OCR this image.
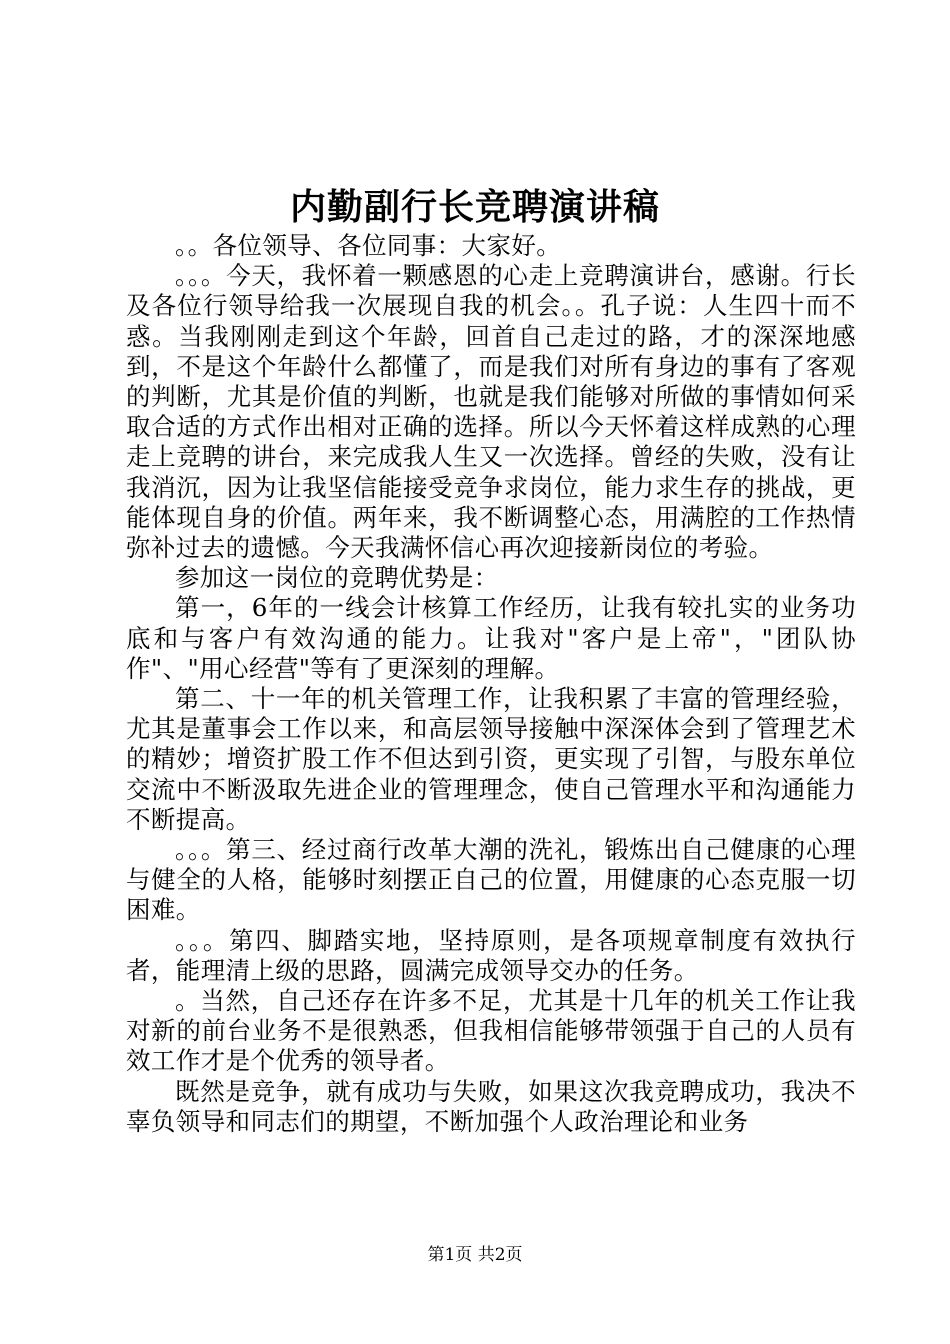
内勤副行长竞聘演讲稿

。。各位领导、各位同事：大家好。

。。。今天，我怀着一颗感恩的心走上竞聘演讲台，感谢。行长及各位行领导给我一次展现自我的机会。。孔子说：人生四十而不惑。当我刚刚走到这个年龄，回首自己走过的路，才的深深地感到，不是这个年龄什么都懂了，而是我们对所有身边的事有了客观的判断，尤其是价值的判断，也就是我们能够对所做的事情如何采取合适的方式作出相对正确的选择。所以今天怀着这样成熟的心理走上竞聘的讲台，来完成我人生又一次选择。曾经的失败，没有让我消沉，因为让我坚信能接受竞争求岗位，能力求生存的挑战，更能体现自身的价值。两年来，我不断调整心态，用满腔的工作热情弥补过去的遗憾。今天我满怀信心再次迎接新岗位的考验。

参加这一岗位的竞聘优势是：

第一，6年的一线会计核算工作经历，让我有较扎实的业务功底和与客户有效沟通的能力。让我对"客户是上帝"，"团队协作"、"用心经营"等有了更深刻的理解。

第二、十一年的机关管理工作，让我积累了丰富的管理经验，尤其是董事会工作以来，和高层领导接触中深深体会到了管理艺术的精妙；增资扩股工作不但达到引资，更实现了引智，与股东单位交流中不断汲取先进企业的管理理念，使自己管理水平和沟通能力不断提高。

。。。第三、经过商行改革大潮的洗礼，锻炼出自己健康的心理与健全的人格，能够时刻摆正自己的位置，用健康的心态克服一切困难。

。。。第四、脚踏实地，坚持原则，是各项规章制度有效执行者，能理清上级的思路，圆满完成领导交办的任务。

。当然，自己还存在许多不足，尤其是十几年的机关工作让我对新的前台业务不是很熟悉，但我相信能够带领强于自己的人员有效工作才是个优秀的领导者。

既然是竞争，就有成功与失败，如果这次我竞聘成功，我决不辜负领导和同志们的期望，不断加强个人政治理论和业务

第1页 共2页
